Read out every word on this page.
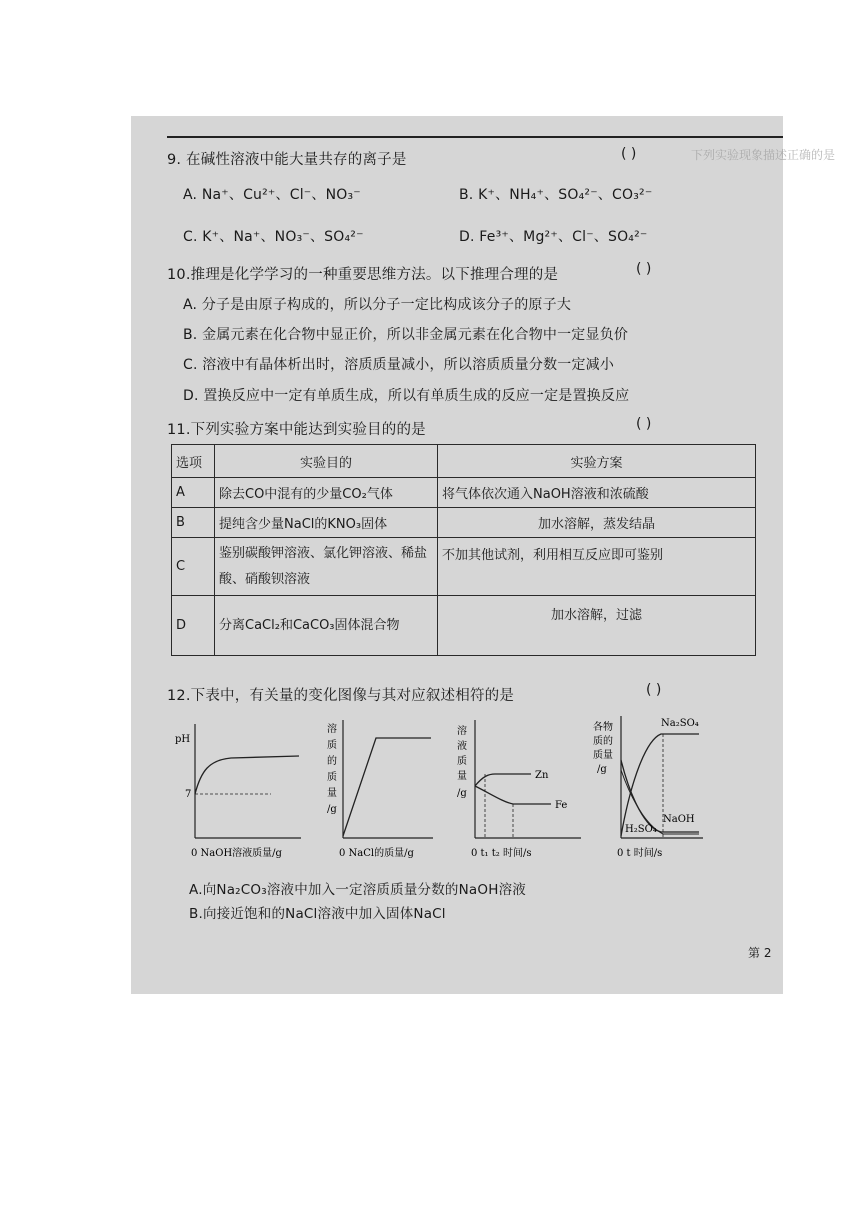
下列实验现象描述正确的是
9. 在碱性溶液中能大量共存的离子是	( )
A. Na⁺、Cu²⁺、Cl⁻、NO₃⁻	B. K⁺、NH₄⁺、SO₄²⁻、CO₃²⁻
C. K⁺、Na⁺、NO₃⁻、SO₄²⁻	D. Fe³⁺、Mg²⁺、Cl⁻、SO₄²⁻
10.推理是化学学习的一种重要思维方法。以下推理合理的是	( )
A. 分子是由原子构成的，所以分子一定比构成该分子的原子大
B. 金属元素在化合物中显正价，所以非金属元素在化合物中一定显负价
C. 溶液中有晶体析出时，溶质质量减小，所以溶质质量分数一定减小
D. 置换反应中一定有单质生成，所以有单质生成的反应一定是置换反应
11.下列实验方案中能达到实验目的的是	( )
选项	实验目的	实验方案
A	除去CO中混有的少量CO₂气体	将气体依次通入NaOH溶液和浓硫酸
B	提纯含少量NaCl的KNO₃固体	加水溶解，蒸发结晶
C	鉴别碳酸钾溶液、氯化钾溶液、稀盐酸、硝酸钡溶液	不加其他试剂，利用相互反应即可鉴别
D	分离CaCl₂和CaCO₃固体混合物	加水溶解，过滤
12.下表中，有关量的变化图像与其对应叙述相符的是	( )
pH
7
0 NaOH溶液质量/g
溶
质
的
质
量
/g
0 NaCl的质量/g
溶
液
质
量
/g
Zn
Fe
0 t₁ t₂ 时间/s
各物
质的
质量
/g
Na₂SO₄
NaOH
H₂SO₄
0 t 时间/s
A.向Na₂CO₃溶液中加入一定溶质质量分数的NaOH溶液
B.向接近饱和的NaCl溶液中加入固体NaCl
第 2
